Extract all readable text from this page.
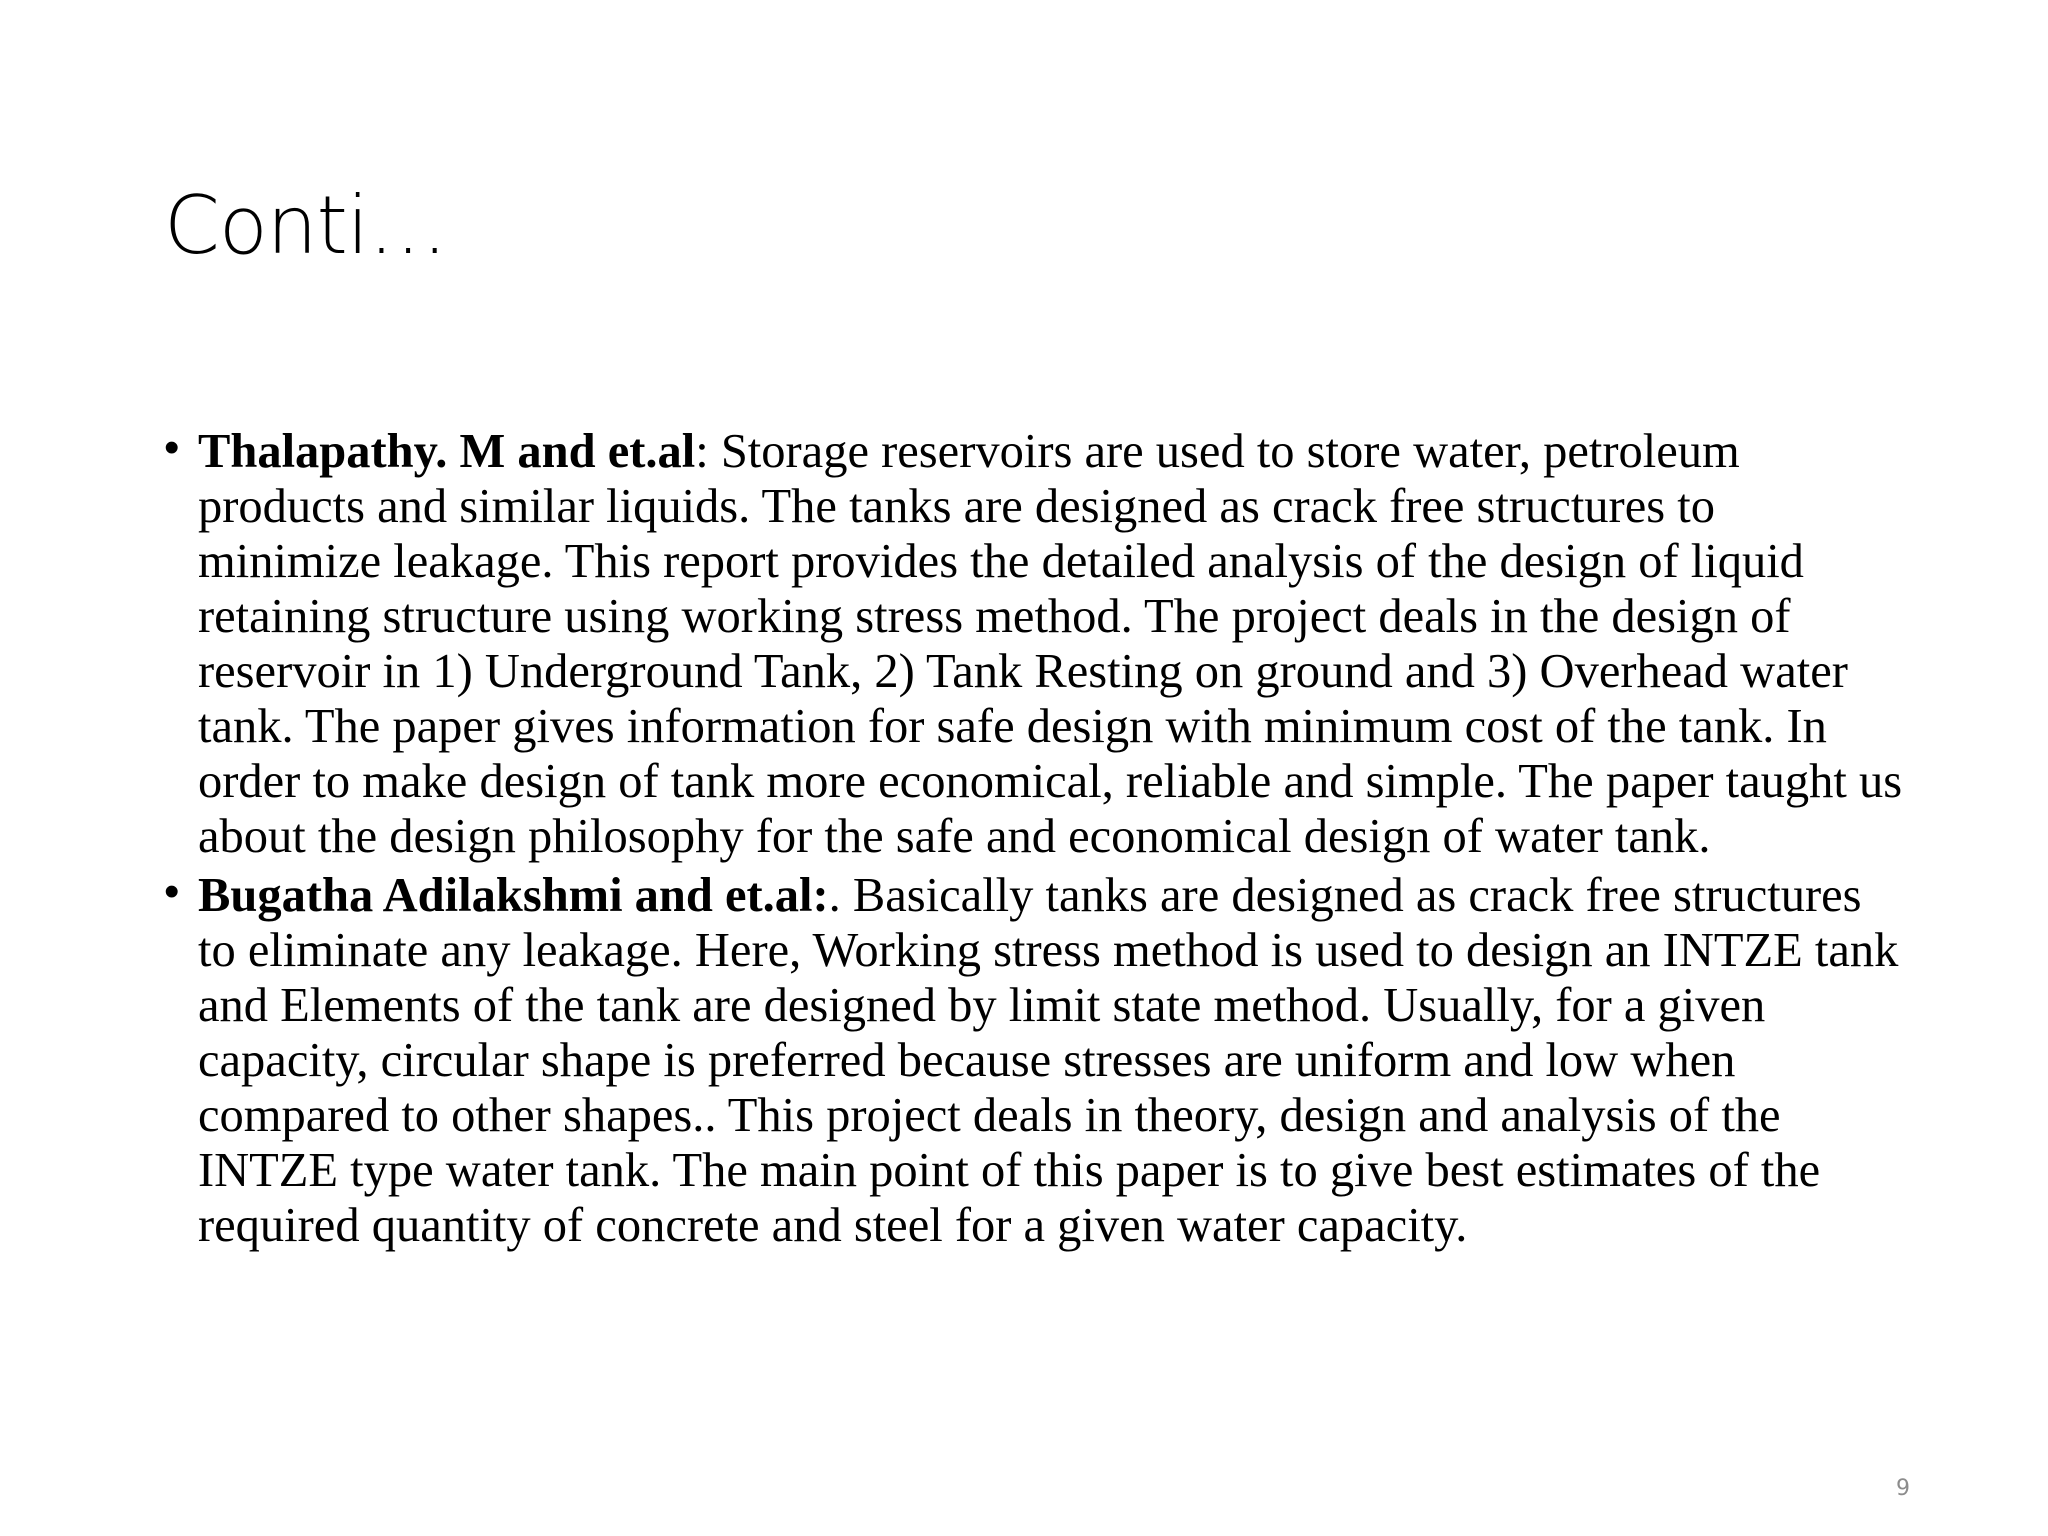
Conti…
• Thalapathy. M and et.al: Storage reservoirs are used to store water, petroleum products and similar liquids. The tanks are designed as crack free structures to minimize leakage. This report provides the detailed analysis of the design of liquid retaining structure using working stress method. The project deals in the design of reservoir in 1) Underground Tank, 2) Tank Resting on ground and 3) Overhead water tank. The paper gives information for safe design with minimum cost of the tank. In order to make design of tank more economical, reliable and simple. The paper taught us about the design philosophy for the safe and economical design of water tank.
• Bugatha Adilakshmi and et.al:. Basically tanks are designed as crack free structures to eliminate any leakage. Here, Working stress method is used to design an INTZE tank and Elements of the tank are designed by limit state method. Usually, for a given capacity, circular shape is preferred because stresses are uniform and low when compared to other shapes.. This project deals in theory, design and analysis of the INTZE type water tank. The main point of this paper is to give best estimates of the required quantity of concrete and steel for a given water capacity.
9
